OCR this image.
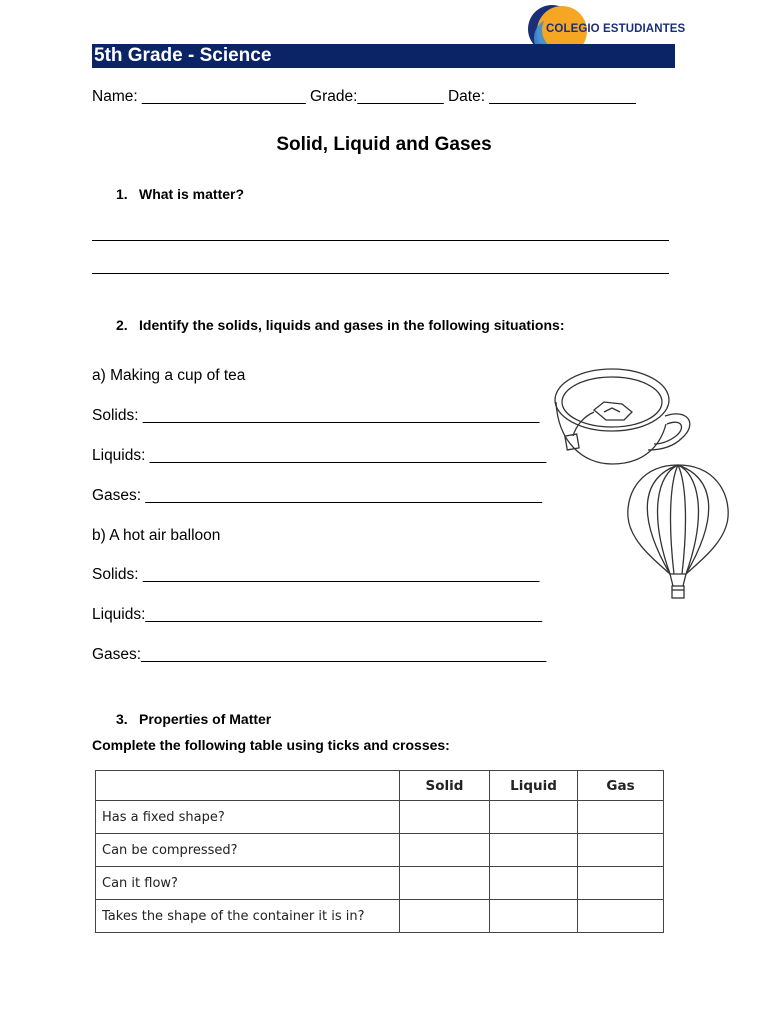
COLEGIO ESTUDIANTES
5th Grade - Science
Name: ___________________ Grade:__________ Date: _________________
Solid, Liquid and Gases
1. What is matter?
2. Identify the solids, liquids and gases in the following situations:
a) Making a cup of tea
Solids: ______________________________________________
Liquids: ______________________________________________
Gases: ______________________________________________
b) A hot air balloon
Solids: ______________________________________________
Liquids:______________________________________________
Gases:_______________________________________________
3. Properties of Matter
Complete the following table using ticks and crosses:
	Solid	Liquid	Gas
Has a fixed shape?			
Can be compressed?			
Can it flow?			
Takes the shape of the container it is in?			
